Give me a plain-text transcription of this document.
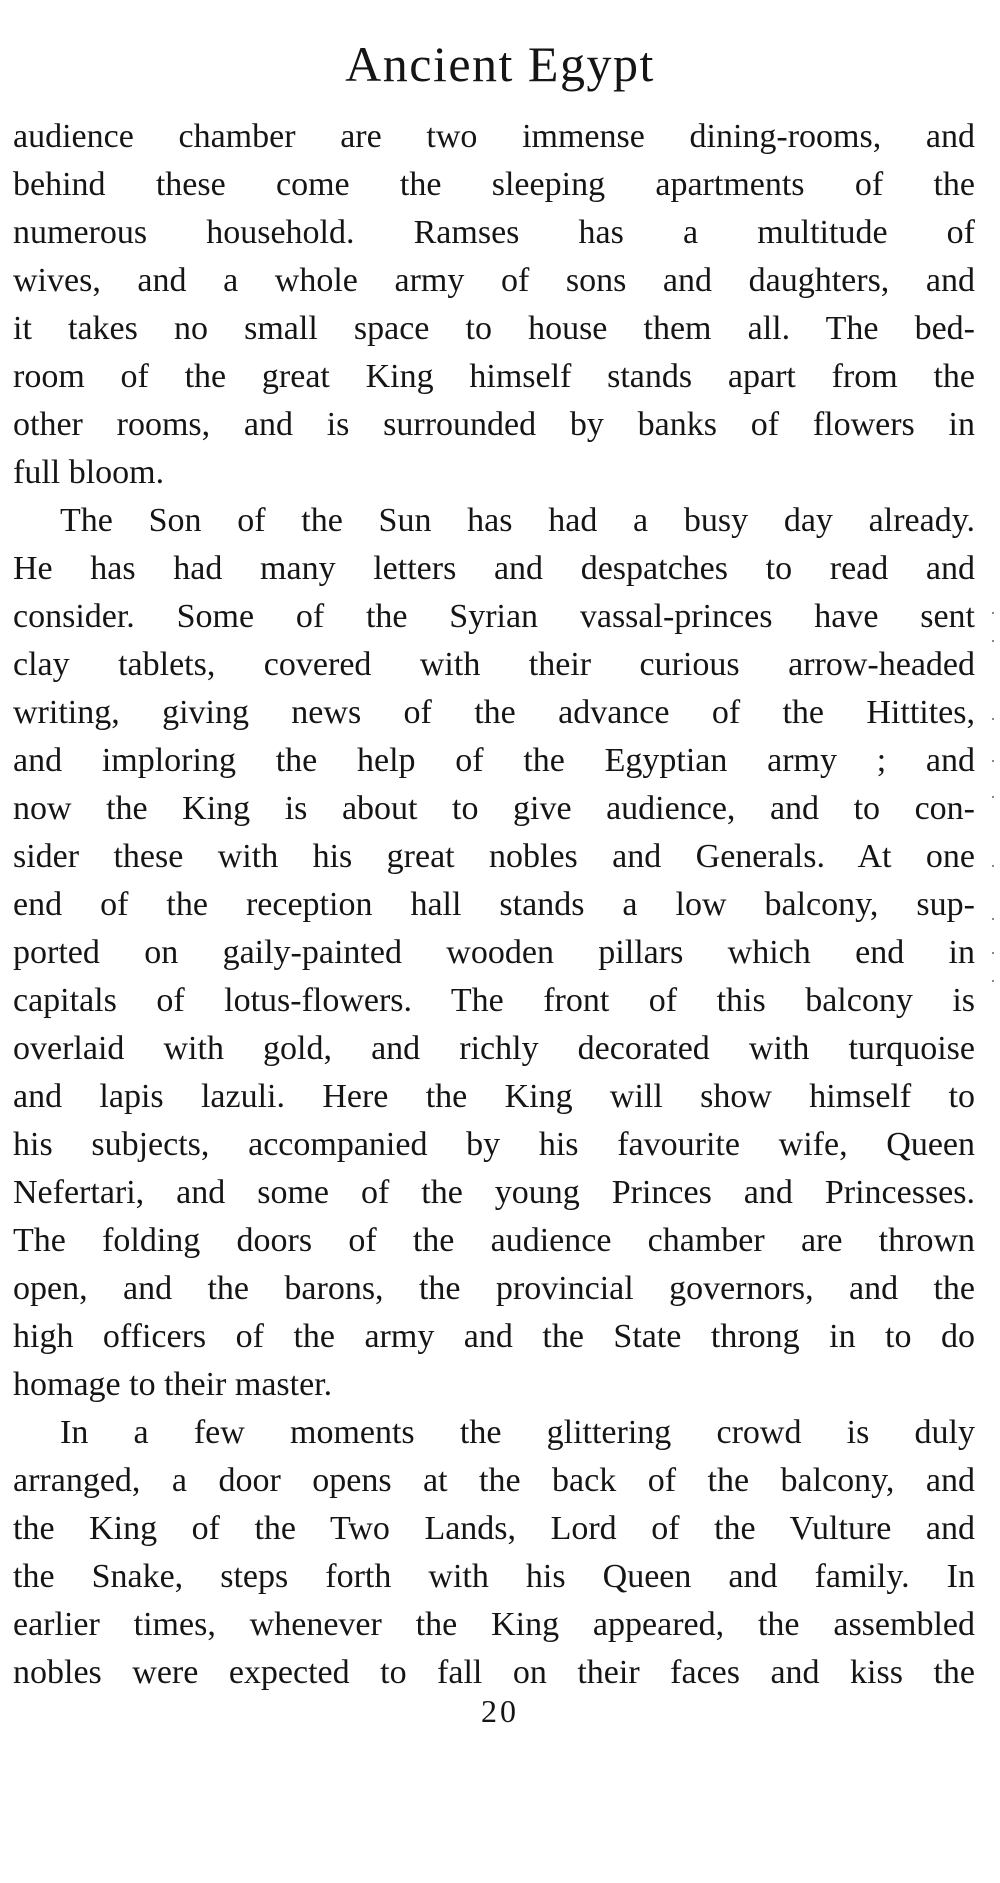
Ancient Egypt
audience chamber are two immense dining-rooms, and
behind these come the sleeping apartments of the
numerous household. Ramses has a multitude of
wives, and a whole army of sons and daughters, and
it takes no small space to house them all. The bed-
room of the great King himself stands apart from the
other rooms, and is surrounded by banks of flowers in
full bloom.
The Son of the Sun has had a busy day already.
He has had many letters and despatches to read and
consider. Some of the Syrian vassal-princes have sent
clay tablets, covered with their curious arrow-headed
writing, giving news of the advance of the Hittites,
and imploring the help of the Egyptian army ; and
now the King is about to give audience, and to con-
sider these with his great nobles and Generals. At one
end of the reception hall stands a low balcony, sup-
ported on gaily-painted wooden pillars which end in
capitals of lotus-flowers. The front of this balcony is
overlaid with gold, and richly decorated with turquoise
and lapis lazuli. Here the King will show himself to
his subjects, accompanied by his favourite wife, Queen
Nefertari, and some of the young Princes and Princesses.
The folding doors of the audience chamber are thrown
open, and the barons, the provincial governors, and the
high officers of the army and the State throng in to do
homage to their master.
In a few moments the glittering crowd is duly
arranged, a door opens at the back of the balcony, and
the King of the Two Lands, Lord of the Vulture and
the Snake, steps forth with his Queen and family. In
earlier times, whenever the King appeared, the assembled
nobles were expected to fall on their faces and kiss the
20
